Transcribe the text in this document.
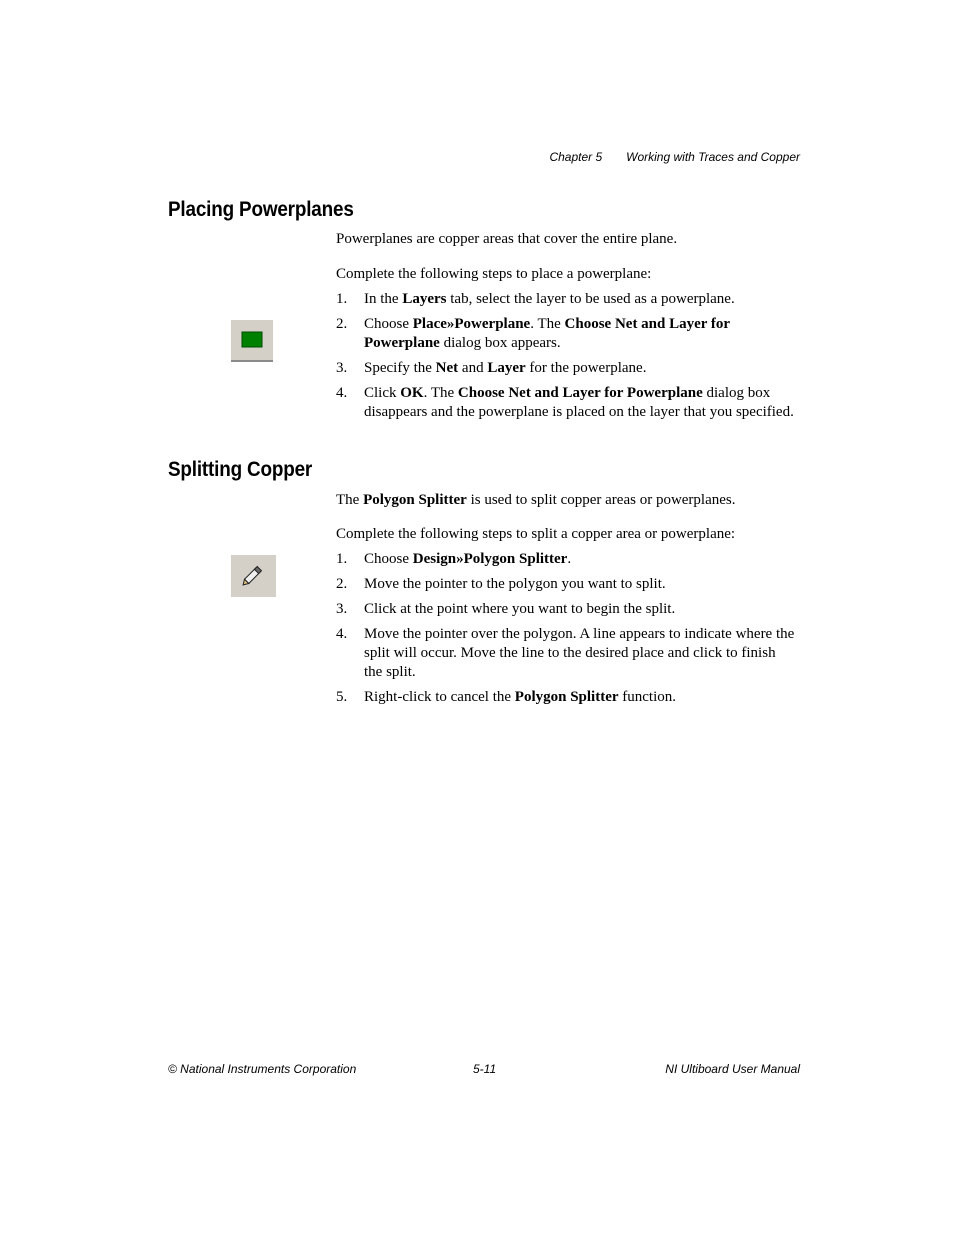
Chapter 5 Working with Traces and Copper
Placing Powerplanes

Powerplanes are copper areas that cover the entire plane.

Complete the following steps to place a powerplane:

1. In the Layers tab, select the layer to be used as a powerplane.
2. Choose Place»Powerplane. The Choose Net and Layer for Powerplane dialog box appears.
3. Specify the Net and Layer for the powerplane.
4. Click OK. The Choose Net and Layer for Powerplane dialog box disappears and the powerplane is placed on the layer that you specified.
Splitting Copper

The Polygon Splitter is used to split copper areas or powerplanes.

Complete the following steps to split a copper area or powerplane:

1. Choose Design»Polygon Splitter.
2. Move the pointer to the polygon you want to split.
3. Click at the point where you want to begin the split.
4. Move the pointer over the polygon. A line appears to indicate where the split will occur. Move the line to the desired place and click to finish the split.
5. Right-click to cancel the Polygon Splitter function.
© National Instruments Corporation	5-11	NI Ultiboard User Manual
